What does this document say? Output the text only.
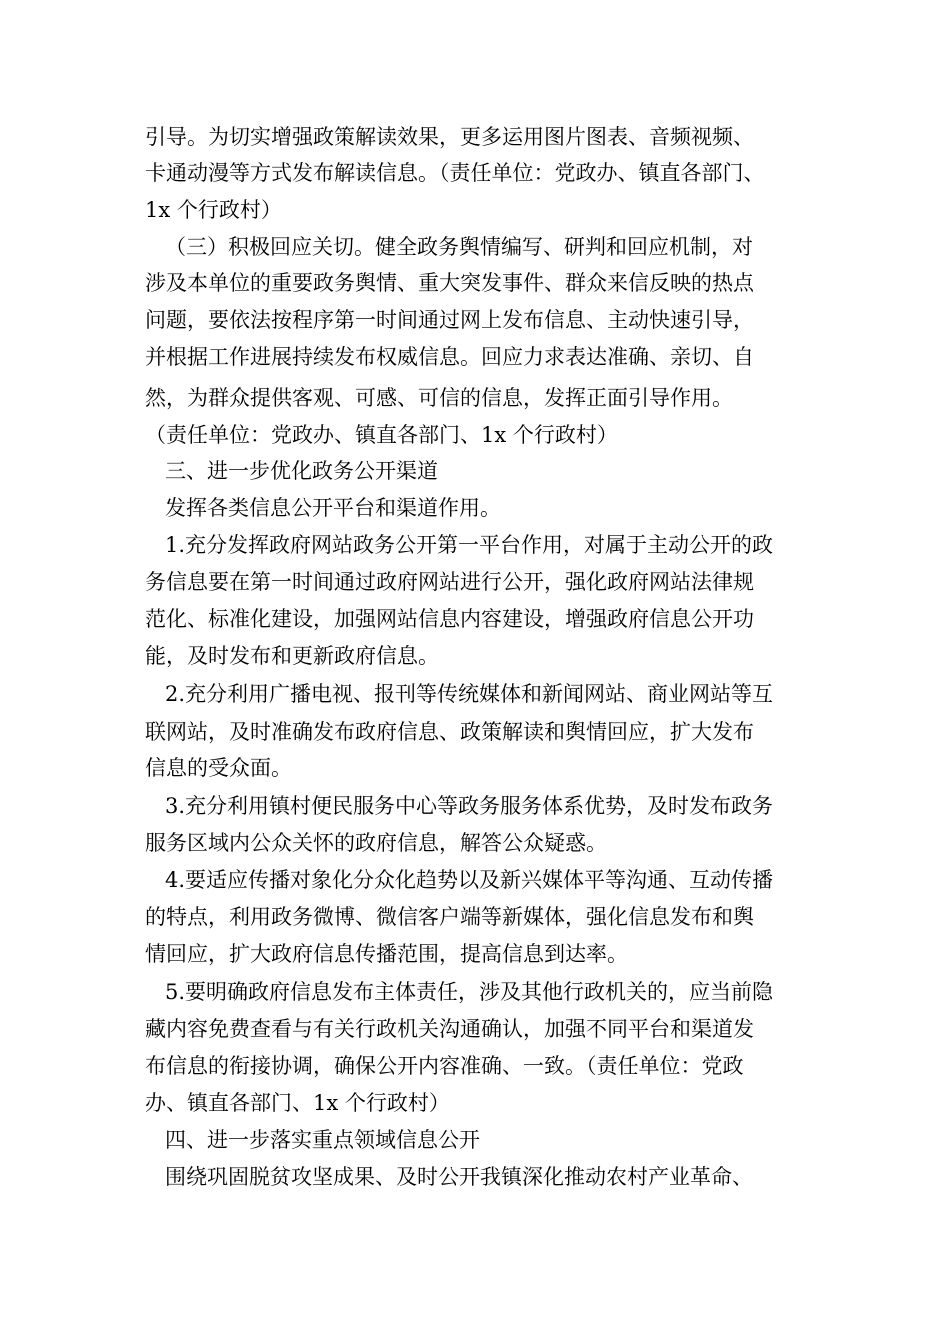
引导。为切实增强政策解读效果，更多运用图片图表、音频视频、
卡通动漫等方式发布解读信息。（责任单位：党政办、镇直各部门、
1x 个行政村）
（三）积极回应关切。健全政务舆情编写、研判和回应机制，对
涉及本单位的重要政务舆情、重大突发事件、群众来信反映的热点
问题，要依法按程序第一时间通过网上发布信息、主动快速引导，
并根据工作进展持续发布权威信息。回应力求表达准确、亲切、自
然，为群众提供客观、可感、可信的信息，发挥正面引导作用。
（责任单位：党政办、镇直各部门、1x 个行政村）
三、进一步优化政务公开渠道
发挥各类信息公开平台和渠道作用。
1.充分发挥政府网站政务公开第一平台作用，对属于主动公开的政
务信息要在第一时间通过政府网站进行公开，强化政府网站法律规
范化、标准化建设，加强网站信息内容建设，增强政府信息公开功
能，及时发布和更新政府信息。
2.充分利用广播电视、报刊等传统媒体和新闻网站、商业网站等互
联网站，及时准确发布政府信息、政策解读和舆情回应，扩大发布
信息的受众面。
3.充分利用镇村便民服务中心等政务服务体系优势，及时发布政务
服务区域内公众关怀的政府信息，解答公众疑惑。
4.要适应传播对象化分众化趋势以及新兴媒体平等沟通、互动传播
的特点，利用政务微博、微信客户端等新媒体，强化信息发布和舆
情回应，扩大政府信息传播范围，提高信息到达率。
5.要明确政府信息发布主体责任，涉及其他行政机关的，应当前隐
藏内容免费查看与有关行政机关沟通确认，加强不同平台和渠道发
布信息的衔接协调，确保公开内容准确、一致。（责任单位：党政
办、镇直各部门、1x 个行政村）
四、进一步落实重点领域信息公开
围绕巩固脱贫攻坚成果、及时公开我镇深化推动农村产业革命、
